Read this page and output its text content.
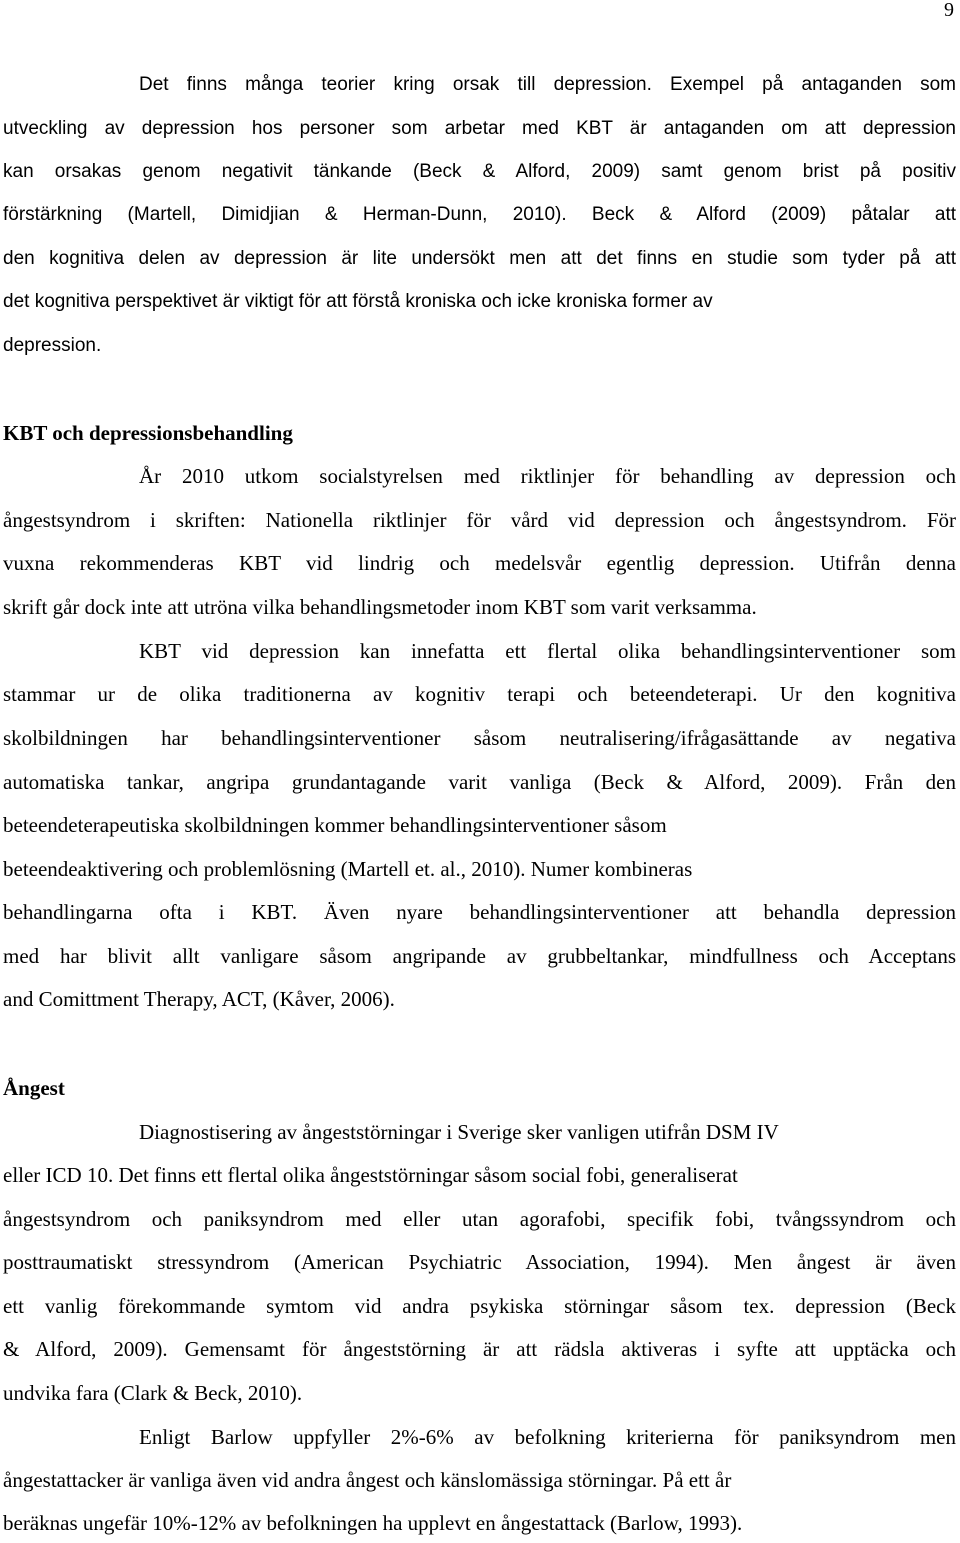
9
Det finns många teorier kring orsak till depression. Exempel på antaganden som
utveckling av depression hos personer som arbetar med KBT är antaganden om att depression
kan orsakas genom negativit tänkande (Beck & Alford, 2009) samt genom brist på positiv
förstärkning (Martell, Dimidjian & Herman-Dunn, 2010). Beck & Alford (2009) påtalar att
den kognitiva delen av depression är lite undersökt men att det finns en studie som tyder på att
det kognitiva perspektivet är viktigt för att förstå kroniska och icke kroniska former av
depression.
KBT och depressionsbehandling
År 2010 utkom socialstyrelsen med riktlinjer för behandling av depression och
ångestsyndrom i skriften: Nationella riktlinjer för vård vid depression och ångestsyndrom. För
vuxna rekommenderas KBT vid lindrig och medelsvår egentlig depression. Utifrån denna
skrift går dock inte att utröna vilka behandlingsmetoder inom KBT som varit verksamma.
KBT vid depression kan innefatta ett flertal olika behandlingsinterventioner som
stammar ur de olika traditionerna av kognitiv terapi och beteendeterapi. Ur den kognitiva
skolbildningen har behandlingsinterventioner såsom neutralisering/ifrågasättande av negativa
automatiska tankar, angripa grundantagande varit vanliga (Beck & Alford, 2009). Från den
beteendeterapeutiska skolbildningen kommer behandlingsinterventioner såsom
beteendeaktivering och problemlösning (Martell et. al., 2010). Numer kombineras
behandlingarna ofta i KBT. Även nyare behandlingsinterventioner att behandla depression
med har blivit allt vanligare såsom angripande av grubbeltankar, mindfullness och Acceptans
and Comittment Therapy, ACT, (Kåver, 2006).
Ångest
Diagnostisering av ångeststörningar i Sverige sker vanligen utifrån DSM IV
eller ICD 10. Det finns ett flertal olika ångeststörningar såsom social fobi, generaliserat
ångestsyndrom och paniksyndrom med eller utan agorafobi, specifik fobi, tvångssyndrom och
posttraumatiskt stressyndrom (American Psychiatric Association, 1994). Men ångest är även
ett vanlig förekommande symtom vid andra psykiska störningar såsom tex. depression (Beck
& Alford, 2009). Gemensamt för ångeststörning är att rädsla aktiveras i syfte att upptäcka och
undvika fara (Clark & Beck, 2010).
Enligt Barlow uppfyller 2%-6% av befolkning kriterierna för paniksyndrom men
ångestattacker är vanliga även vid andra ångest och känslomässiga störningar. På ett år
beräknas ungefär 10%-12% av befolkningen ha upplevt en ångestattack (Barlow, 1993).
